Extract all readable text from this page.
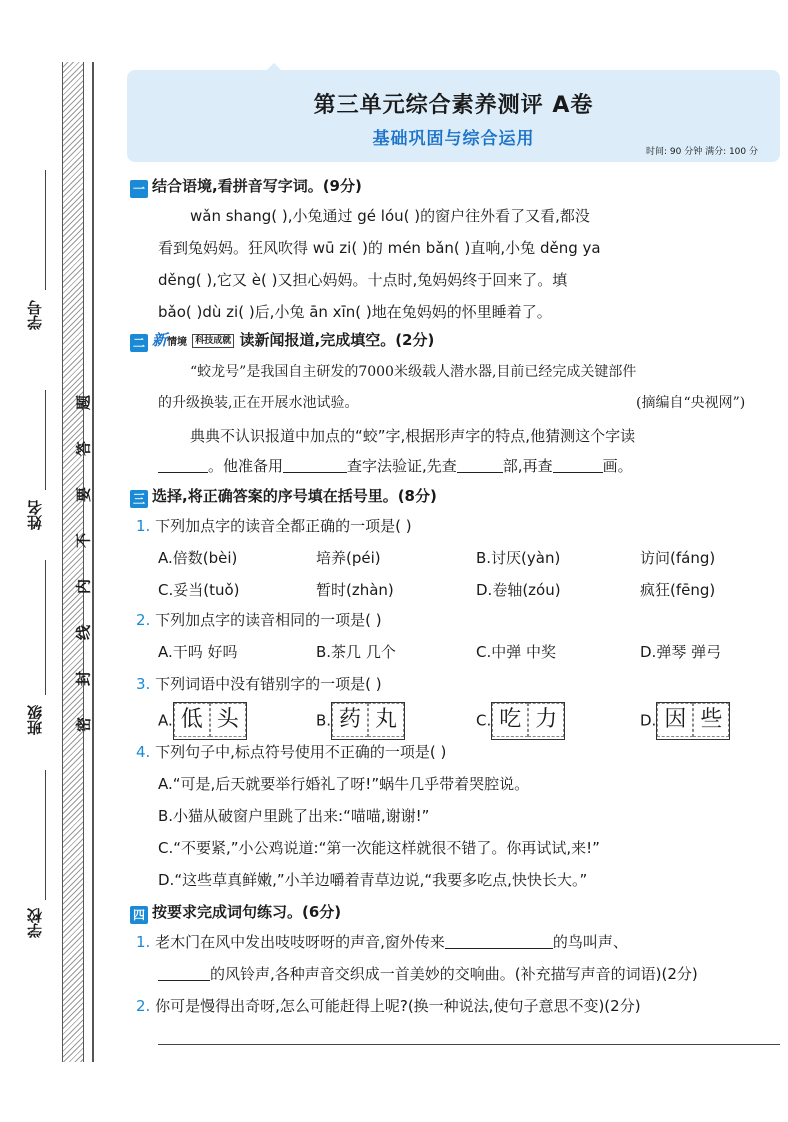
学号
姓名
班级
学校
题
答
要
不
内
线
封
密
第三单元综合素养测评 A卷
基础巩固与综合运用
时间: 90 分钟 满分: 100 分
一 结合语境,看拼音写字词。(9分)
wǎn shang( ),小兔通过 gé lóu( )的窗户往外看了又看,都没
看到兔妈妈。狂风吹得 wū zi( )的 mén bǎn( )直响,小兔 děng ya
děng( ),它又 è( )又担心妈妈。十点时,兔妈妈终于回来了。填
bǎo( )dù zi( )后,小兔 ān xīn( )地在兔妈妈的怀里睡着了。
二 新情境 科技成就 读新闻报道,完成填空。(2分)
“蛟龙号”是我国自主研发的7000米级载人潜水器,目前已经完成关键部件
的升级换装,正在开展水池试验。	(摘编自“央视网”)
典典不认识报道中加点的“蛟”字,根据形声字的特点,他猜测这个字读
。他准备用	查字法验证,先查	部,再查	画。
三 选择,将正确答案的序号填在括号里。(8分)
1. 下列加点字的读音全都正确的一项是( )
A.倍数(bèi)	培养(péi)	B.讨厌(yàn)	访问(fáng)
C.妥当(tuǒ)	暂时(zhàn)	D.卷轴(zóu)	疯狂(fēng)
2. 下列加点字的读音相同的一项是( )
A.干吗 好吗	B.茶几 几个	C.中弹 中奖	D.弹琴 弹弓
3. 下列词语中没有错别字的一项是( )
A. 低 头	B. 药 丸	C. 吃 力	D. 因 些
4. 下列句子中,标点符号使用不正确的一项是( )
A.“可是,后天就要举行婚礼了呀!”蜗牛几乎带着哭腔说。
B.小猫从破窗户里跳了出来:“喵喵,谢谢!”
C.“不要紧,”小公鸡说道:“第一次能这样就很不错了。你再试试,来!”
D.“这些草真鲜嫩,”小羊边嚼着青草边说,“我要多吃点,快快长大。”
四 按要求完成词句练习。(6分)
1. 老木门在风中发出吱吱呀呀的声音,窗外传来	的鸟叫声、
的风铃声,各种声音交织成一首美妙的交响曲。(补充描写声音的词语)(2分)
2. 你可是慢得出奇呀,怎么可能赶得上呢?(换一种说法,使句子意思不变)(2分)
